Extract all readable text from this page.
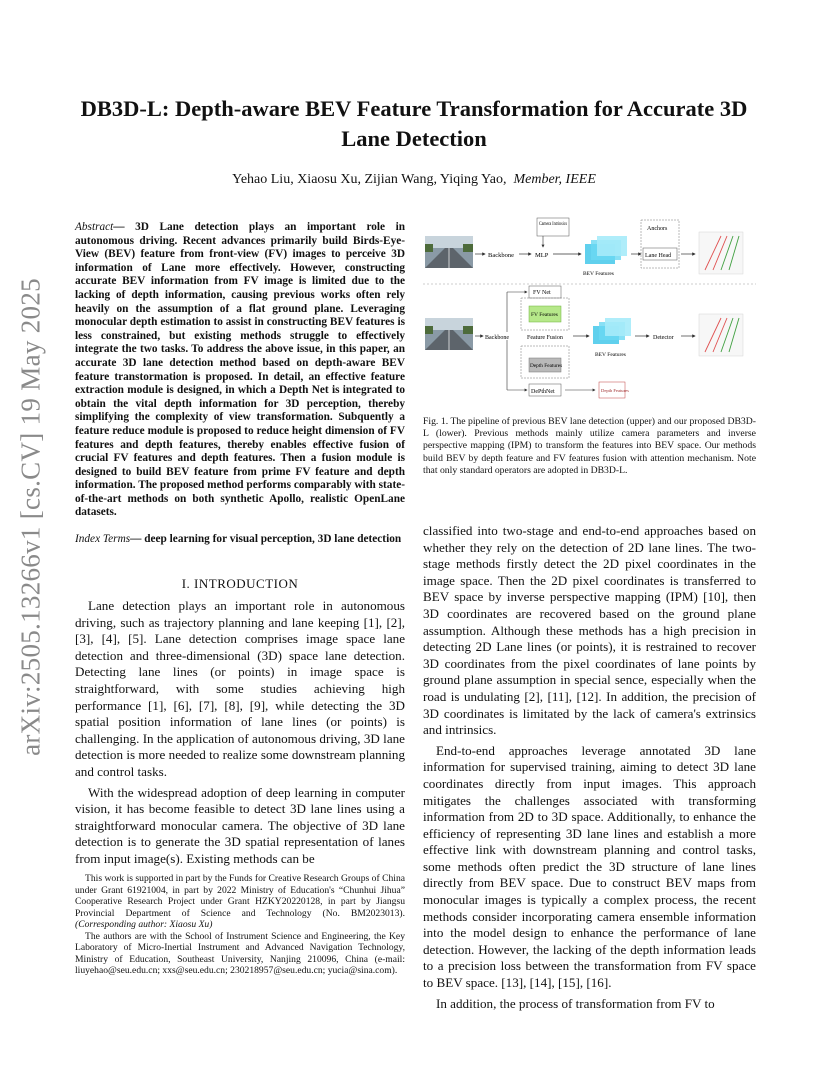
arXiv:2505.13266v1 [cs.CV] 19 May 2025
DB3D-L: Depth-aware BEV Feature Transformation for Accurate 3D Lane Detection
Yehao Liu, Xiaosu Xu, Zijian Wang, Yiqing Yao, Member, IEEE
Abstract— 3D Lane detection plays an important role in autonomous driving. Recent advances primarily build Birds-Eye-View (BEV) feature from front-view (FV) images to perceive 3D information of Lane more effectively. However, constructing accurate BEV information from FV image is limited due to the lacking of depth information, causing previous works often rely heavily on the assumption of a flat ground plane. Leveraging monocular depth estimation to assist in constructing BEV features is less constrained, but existing methods struggle to effectively integrate the two tasks. To address the above issue, in this paper, an accurate 3D lane detection method based on depth-aware BEV feature transtormation is proposed. In detail, an effective feature extraction module is designed, in which a Depth Net is integrated to obtain the vital depth information for 3D perception, thereby simplifying the complexity of view transformation. Subquently a feature reduce module is proposed to reduce height dimension of FV features and depth features, thereby enables effective fusion of crucial FV features and depth features. Then a fusion module is designed to build BEV feature from prime FV feature and depth information. The proposed method performs comparably with state-of-the-art methods on both synthetic Apollo, realistic OpenLane datasets.
Index Terms— deep learning for visual perception, 3D lane detection
I. INTRODUCTION

Lane detection plays an important role in autonomous driving, such as trajectory planning and lane keeping [1], [2], [3], [4], [5]. Lane detection comprises image space lane detection and three-dimensional (3D) space lane detection. Detecting lane lines (or points) in image space is straightforward, with some studies achieving high performance [1], [6], [7], [8], [9], while detecting the 3D spatial position information of lane lines (or points) is challenging. In the application of autonomous driving, 3D lane detection is more needed to realize some downstream planning and control tasks.

With the widespread adoption of deep learning in computer vision, it has become feasible to detect 3D lane lines using a straightforward monocular camera. The objective of 3D lane detection is to generate the 3D spatial representation of lanes from input image(s). Existing methods can be

This work is supported in part by the Funds for Creative Research Groups of China under Grant 61921004, in part by 2022 Ministry of Education's “Chunhui Jihua” Cooperative Research Project under Grant HZKY20220128, in part by Jiangsu Provincial Department of Science and Technology (No. BM2023013). (Corresponding author: Xiaosu Xu)

The authors are with the School of Instrument Science and Engineering, the Key Laboratory of Micro-Inertial Instrument and Advanced Navigation Technology, Ministry of Education, Southeast University, Nanjing 210096, China (e-mail: liuyehao@seu.edu.cn; xxs@seu.edu.cn; 230218957@seu.edu.cn; yucia@sina.com).

Backbone	MLP
Camera Intrinsics
BEV Features
Anchors
Lane Head
Backbone
FV Net
FV Features
Feature Fusion
BEV Features
Detector
Depth Features
DePthNet	Depth Features
Fig. 1. The pipeline of previous BEV lane detection (upper) and our proposed DB3D-L (lower). Previous methods mainly utilize camera parameters and inverse perspective mapping (IPM) to transform the features into BEV space. Our methods build BEV by depth feature and FV features fusion with attention mechanism. Note that only standard operators are adopted in DB3D-L.

classified into two-stage and end-to-end approaches based on whether they rely on the detection of 2D lane lines. The two-stage methods firstly detect the 2D pixel coordinates in the image space. Then the 2D pixel coordinates is transferred to BEV space by inverse perspective mapping (IPM) [10], then 3D coordinates are recovered based on the ground plane assumption. Although these methods has a high precision in detecting 2D Lane lines (or points), it is restrained to recover 3D coordinates from the pixel coordinates of lane points by ground plane assumption in special sence, especially when the road is undulating [2], [11], [12]. In addition, the precision of 3D coordinates is limitated by the lack of camera's extrinsics and intrinsics.

End-to-end approaches leverage annotated 3D lane information for supervised training, aiming to detect 3D lane coordinates directly from input images. This approach mitigates the challenges associated with transforming information from 2D to 3D space. Additionally, to enhance the efficiency of representing 3D lane lines and establish a more effective link with downstream planning and control tasks, some methods often predict the 3D structure of lane lines directly from BEV space. Due to construct BEV maps from monocular images is typically a complex process, the recent methods consider incorporating camera ensemble information into the model design to enhance the performance of lane detection. However, the lacking of the depth information leads to a precision loss between the transformation from FV space to BEV space. [13], [14], [15], [16].

In addition, the process of transformation from FV to
